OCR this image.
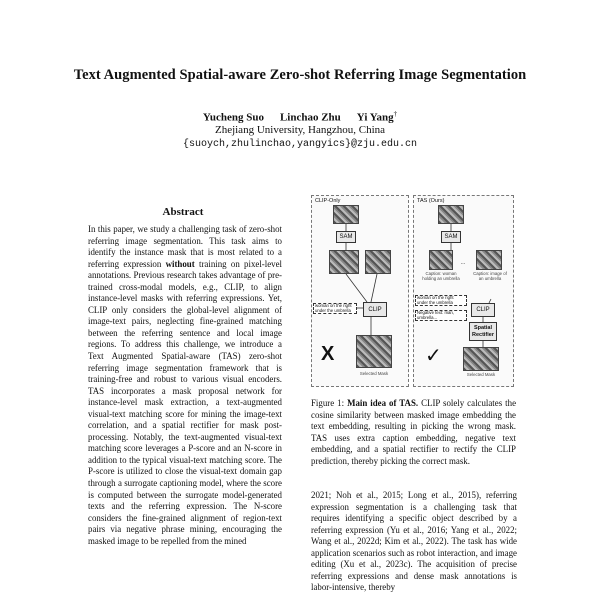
Text Augmented Spatial-aware Zero-shot Referring Image Segmentation
Yucheng Suo Linchao Zhu Yi Yang†
Zhejiang University, Hangzhou, China
{suoych,zhulinchao,yangyics}@zju.edu.cn
Abstract
In this paper, we study a challenging task of zero-shot referring image segmentation. This task aims to identify the instance mask that is most related to a referring expression without training on pixel-level annotations. Previous research takes advantage of pre-trained cross-modal models, e.g., CLIP, to align instance-level masks with referring expressions. Yet, CLIP only considers the global-level alignment of image-text pairs, neglecting fine-grained matching between the referring sentence and local image regions. To address this challenge, we introduce a Text Augmented Spatial-aware (TAS) zero-shot referring image segmentation framework that is training-free and robust to various visual encoders. TAS incorporates a mask proposal network for instance-level mask extraction, a text-augmented visual-text matching score for mining the image-text correlation, and a spatial rectifier for mask post-processing. Notably, the text-augmented visual-text matching score leverages a P-score and an N-score in addition to the typical visual-text matching score. The P-score is utilized to close the visual-text domain gap through a surrogate captioning model, where the score is computed between the surrogate model-generated texts and the referring expression. The N-score considers the fine-grained alignment of region-text pairs via negative phrase mining, encouraging the masked image to be repelled from the mined
CLIP-Only	TAS (Ours)
SAM
woman on the right under the umbrella	CLIP
X
Selected Mask
SAM
...
Caption: woman holding an umbrella
Caption: image of an umbrella
woman on the right under the umbrella
Negative text: man, umbrella...
CLIP
Spatial Rectifier
✓
Selected Mask
Figure 1: Main idea of TAS. CLIP solely calculates the cosine similarity between masked image embedding the text embedding, resulting in picking the wrong mask. TAS uses extra caption embedding, negative text embedding, and a spatial rectifier to rectify the CLIP prediction, thereby picking the correct mask.
2021; Noh et al., 2015; Long et al., 2015), referring expression segmentation is a challenging task that requires identifying a specific object described by a referring expression (Yu et al., 2016; Yang et al., 2022; Wang et al., 2022d; Kim et al., 2022). The task has wide application scenarios such as robot interaction, and image editing (Xu et al., 2023c). The acquisition of precise referring expressions and dense mask annotations is labor-intensive, thereby
